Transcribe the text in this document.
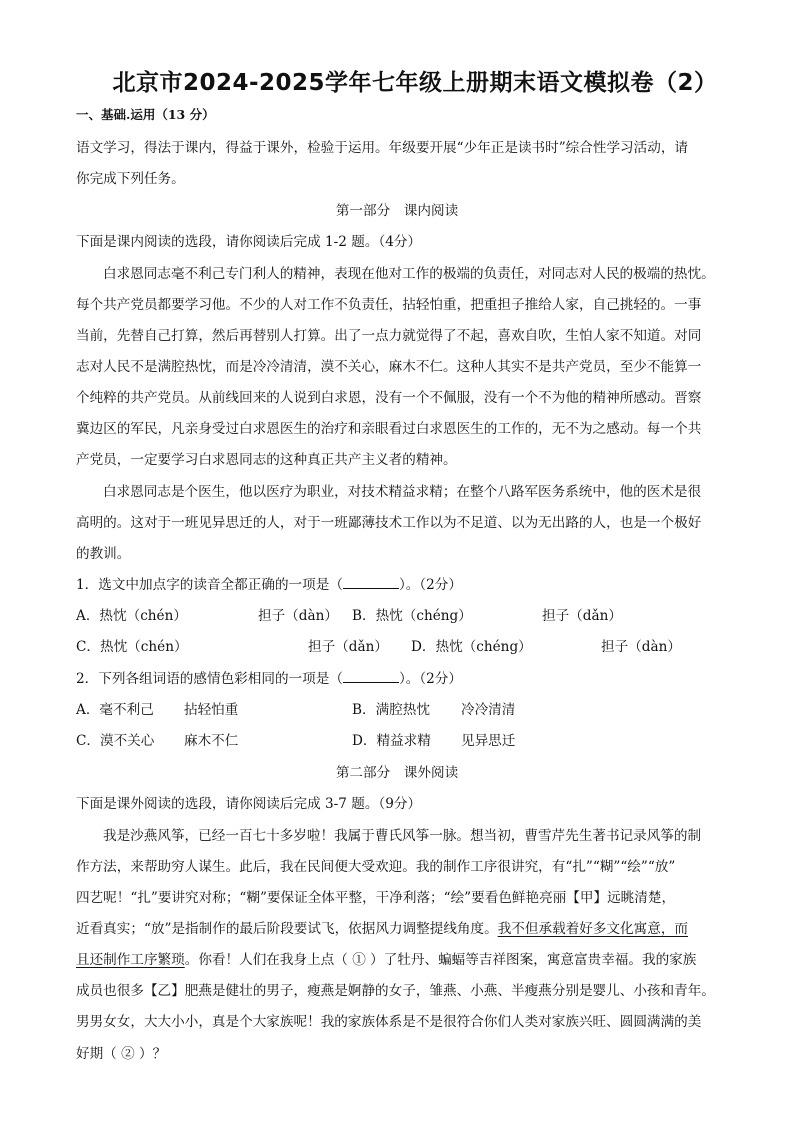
北京市2024-2025学年七年级上册期末语文模拟卷（2）
一、基础.运用（13 分）
语文学习，得法于课内，得益于课外，检验于运用。年级要开展“少年正是读书时”综合性学习活动，请
你完成下列任务。
第一部分　课内阅读
下面是课内阅读的选段，请你阅读后完成 1-2 题。（4分）
白求恩同志毫不利己专门利人的精神，表现在他对工作的极端的负责任，对同志对人民的极端的热忱。
每个共产党员都要学习他。不少的人对工作不负责任，拈轻怕重，把重担子推给人家，自己挑轻的。一事
当前，先替自己打算，然后再替别人打算。出了一点力就觉得了不起，喜欢自吹，生怕人家不知道。对同
志对人民不是满腔热忱，而是冷冷清清，漠不关心，麻木不仁。这种人其实不是共产党员，至少不能算一
个纯粹的共产党员。从前线回来的人说到白求恩，没有一个不佩服，没有一个不为他的精神所感动。晋察
冀边区的军民，凡亲身受过白求恩医生的治疗和亲眼看过白求恩医生的工作的，无不为之感动。每一个共
产党员，一定要学习白求恩同志的这种真正共产主义者的精神。
白求恩同志是个医生，他以医疗为职业，对技术精益求精；在整个八路军医务系统中，他的医术是很
高明的。这对于一班见异思迁的人，对于一班鄙薄技术工作以为不足道、以为无出路的人，也是一个极好
的教训。
1．选文中加点字的读音全都正确的一项是（	）。（2分）
A．热忱（chén）	担子（dàn） B．热忱（chéng）	担子（dǎn）
C．热忱（chén）	担子（dǎn） D．热忱（chéng）	担子（dàn）
2．下列各组词语的感情色彩相同的一项是（	）。（2分）
A．毫不利己 拈轻怕重	B．满腔热忱 冷冷清清
C．漠不关心 麻木不仁	D．精益求精 见异思迁
第二部分　课外阅读
下面是课外阅读的选段，请你阅读后完成 3-7 题。（9分）
我是沙燕风筝，已经一百七十多岁啦！我属于曹氏风筝一脉。想当初，曹雪芹先生著书记录风筝的制
作方法，来帮助穷人谋生。此后，我在民间便大受欢迎。我的制作工序很讲究，有“扎”“糊”“绘”“放”
四艺呢！“扎”要讲究对称；“糊”要保证全体平整，干净利落；“绘”要看色鲜艳亮丽【甲】远眺清楚，
近看真实；“放”是指制作的最后阶段要试飞，依据风力调整提线角度。我不但承载着好多文化寓意，而
且还制作工序繁琐。你看！人们在我身上点（ ① ）了牡丹、蝙蝠等吉祥图案，寓意富贵幸福。我的家族
成员也很多【乙】肥燕是健壮的男子，瘦燕是婀静的女子，雏燕、小燕、半瘦燕分别是婴儿、小孩和青年。
男男女女，大大小小，真是个大家族呢！我的家族体系是不是很符合你们人类对家族兴旺、圆圆满满的美
好期（ ② ）？
